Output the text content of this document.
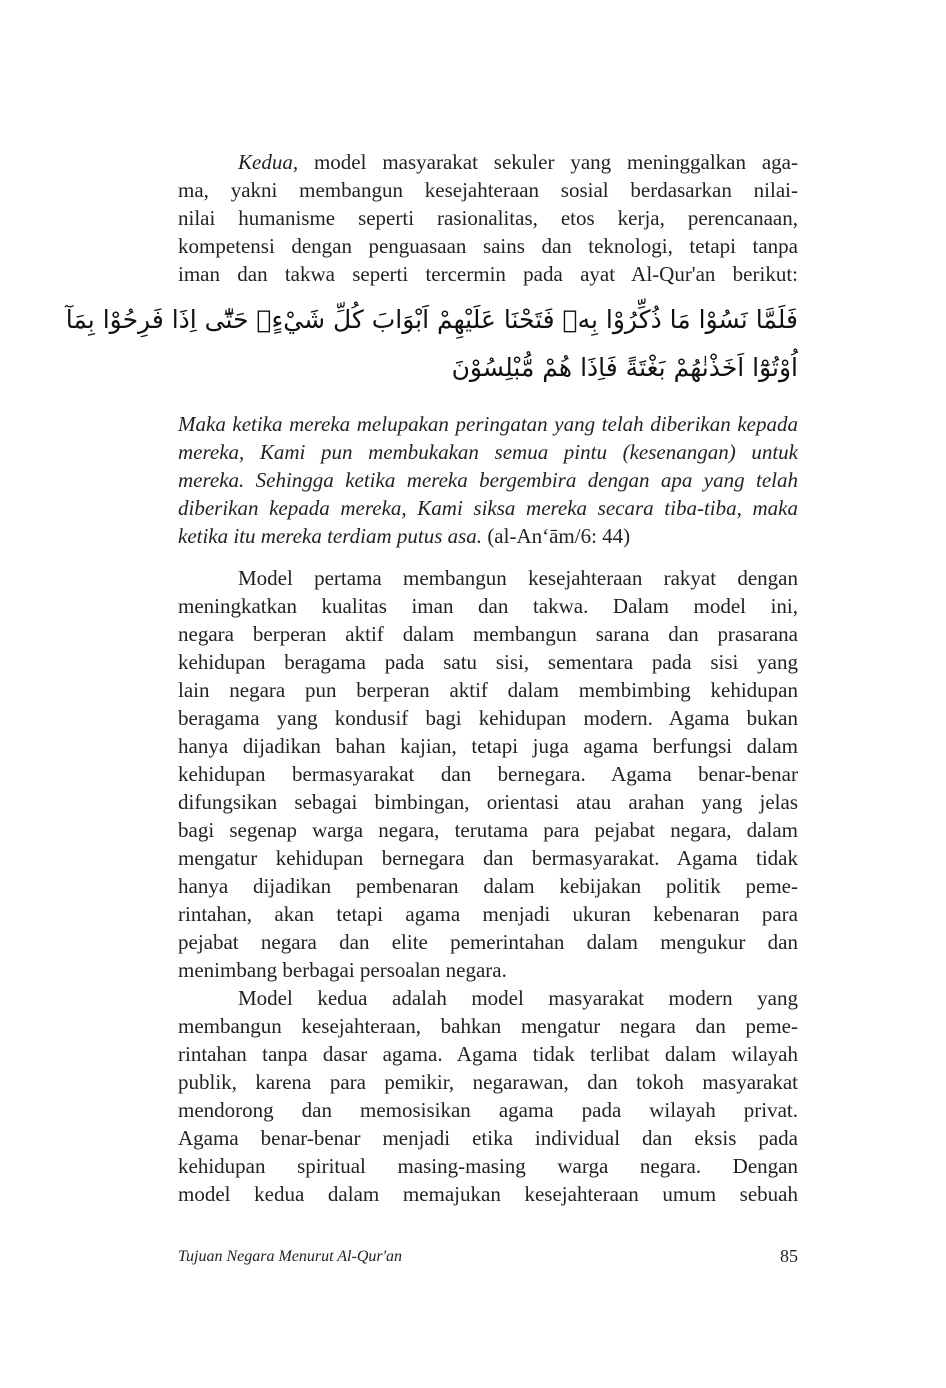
Kedua, model masyarakat sekuler yang meninggalkan aga-
ma, yakni membangun kesejahteraan sosial berdasarkan nilai-
nilai humanisme seperti rasionalitas, etos kerja, perencanaan,
kompetensi dengan penguasaan sains dan teknologi, tetapi tanpa
iman dan takwa seperti tercermin pada ayat Al-Qur'an berikut:
فَلَمَّا نَسُوْا مَا ذُكِّرُوْا بِهٖ فَتَحْنَا عَلَيْهِمْ اَبْوَابَ كُلِّ شَيْءٍۗ حَتّٰٓى اِذَا فَرِحُوْا بِمَآ
اُوْتُوْٓا اَخَذْنٰهُمْ بَغْتَةً فَاِذَا هُمْ مُّبْلِسُوْنَ
Maka ketika mereka melupakan peringatan yang telah diberikan kepada
mereka, Kami pun membukakan semua pintu (kesenangan) untuk
mereka. Sehingga ketika mereka bergembira dengan apa yang telah
diberikan kepada mereka, Kami siksa mereka secara tiba-tiba, maka
ketika itu mereka terdiam putus asa. (al-An‘ām/6: 44)
Model pertama membangun kesejahteraan rakyat dengan
meningkatkan kualitas iman dan takwa. Dalam model ini,
negara berperan aktif dalam membangun sarana dan prasarana
kehidupan beragama pada satu sisi, sementara pada sisi yang
lain negara pun berperan aktif dalam membimbing kehidupan
beragama yang kondusif bagi kehidupan modern. Agama bukan
hanya dijadikan bahan kajian, tetapi juga agama berfungsi dalam
kehidupan bermasyarakat dan bernegara. Agama benar-benar
difungsikan sebagai bimbingan, orientasi atau arahan yang jelas
bagi segenap warga negara, terutama para pejabat negara, dalam
mengatur kehidupan bernegara dan bermasyarakat. Agama tidak
hanya dijadikan pembenaran dalam kebijakan politik peme-
rintahan, akan tetapi agama menjadi ukuran kebenaran para
pejabat negara dan elite pemerintahan dalam mengukur dan
menimbang berbagai persoalan negara.
Model kedua adalah model masyarakat modern yang
membangun kesejahteraan, bahkan mengatur negara dan peme-
rintahan tanpa dasar agama. Agama tidak terlibat dalam wilayah
publik, karena para pemikir, negarawan, dan tokoh masyarakat
mendorong dan memosisikan agama pada wilayah privat.
Agama benar-benar menjadi etika individual dan eksis pada
kehidupan spiritual masing-masing warga negara. Dengan
model kedua dalam memajukan kesejahteraan umum sebuah
Tujuan Negara Menurut Al-Qur'an	85
